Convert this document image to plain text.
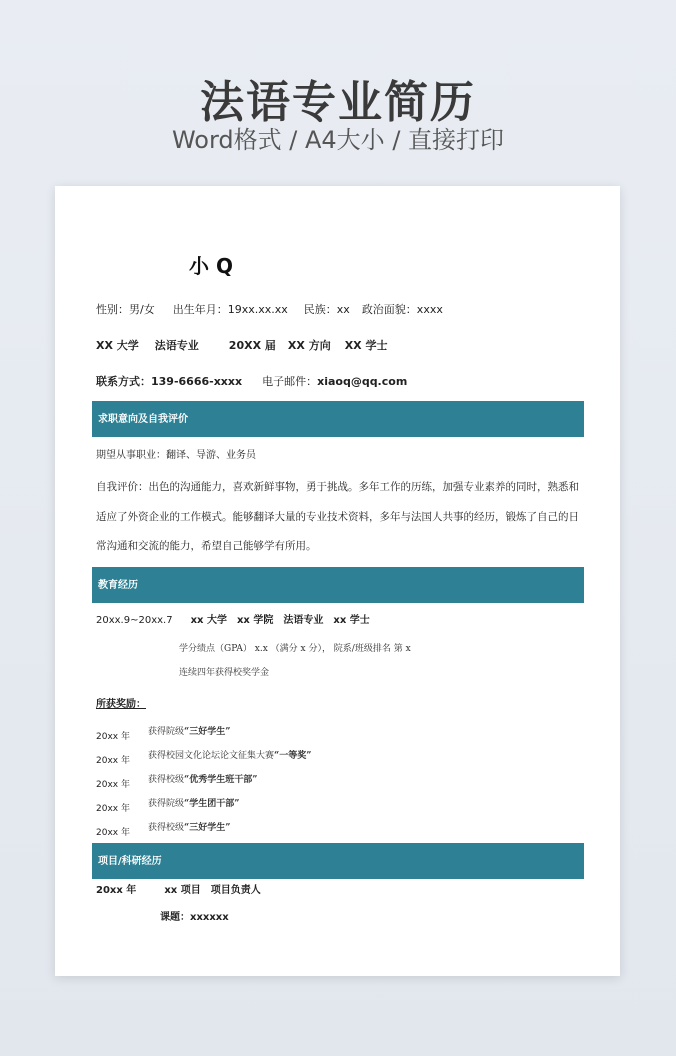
法语专业简历
Word格式 / A4大小 / 直接打印
小 Q
性别：男/女 出生年月：19xx.xx.xx 民族：xx 政治面貌：xxxx
XX 大学 法语专业	20XX 届 XX 方向 XX 学士
联系方式：139-6666-xxxx 电子邮件：xiaoq@qq.com
求职意向及自我评价
期望从事职业：翻译、导游、业务员
自我评价：出色的沟通能力，喜欢新鲜事物，勇于挑战。多年工作的历练，加强专业素养的同时，熟悉和适应了外资企业的工作模式。能够翻译大量的专业技术资料，多年与法国人共事的经历，锻炼了自己的日常沟通和交流的能力，希望自己能够学有所用。
教育经历
20xx.9~20xx.7 xx 大学 xx 学院 法语专业 xx 学士
学分绩点（GPA） x.x （满分 x 分）， 院系/班级排名 第 x
连续四年获得校奖学金
所获奖励：
20xx 年 获得院级“三好学生”
20xx 年 获得校园文化论坛论文征集大赛“一等奖”
20xx 年 获得校级“优秀学生班干部”
20xx 年 获得院级“学生团干部”
20xx 年 获得校级“三好学生”
项目/科研经历
20xx 年	xx 项目 项目负责人
课题：xxxxxx
